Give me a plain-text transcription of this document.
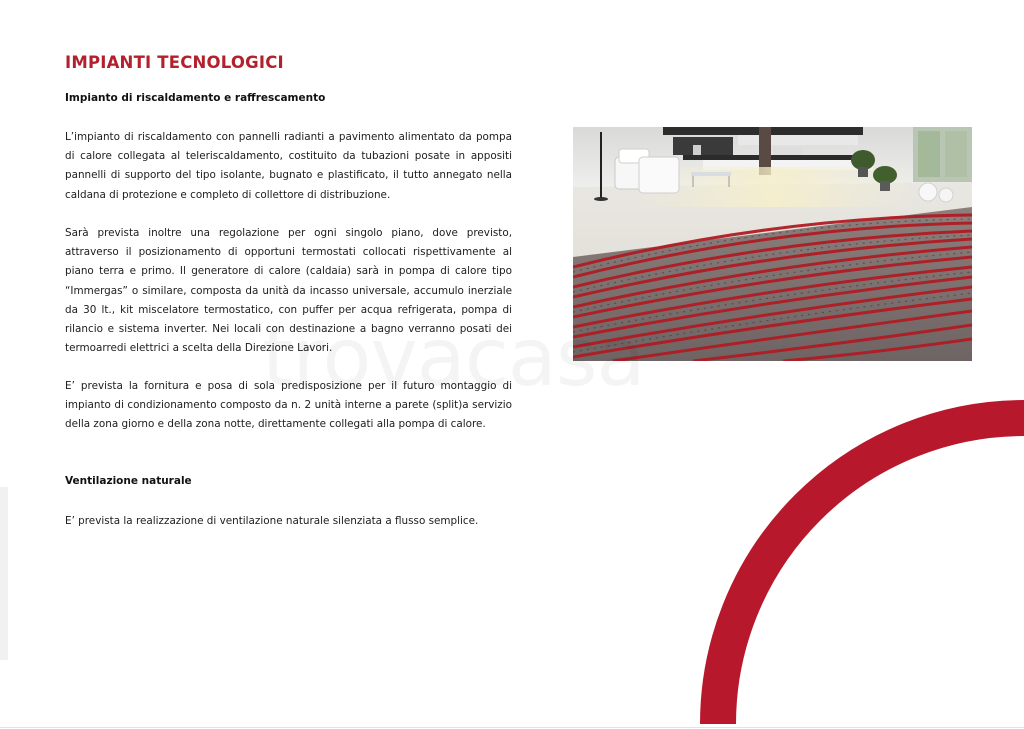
IMPIANTI TECNOLOGICI

Impianto di riscaldamento e raffrescamento

L’impianto di riscaldamento con pannelli radianti a pavimento alimentato da pompa di calore collegata al teleriscaldamento, costituito da tubazioni posate in appositi pannelli di supporto del tipo isolante, bugnato e plastificato, il tutto annegato nella caldana di protezione e completo di collettore di distribuzione.

Sarà prevista inoltre una regolazione per ogni singolo piano, dove previsto, attraverso il posizionamento di opportuni termostati collocati rispettivamente al piano terra e primo. Il generatore di calore (caldaia) sarà in pompa di calore tipo “Immergas” o similare, composta da unità da incasso universale, accumulo inerziale da 30 lt., kit miscelatore termostatico, con puffer per acqua refrigerata, pompa di rilancio e sistema inverter. Nei locali con destinazione a bagno verranno posati dei termoarredi elettrici a scelta della Direzione Lavori.

E’ prevista la fornitura e posa di sola predisposizione per il futuro montaggio di impianto di condizionamento composto da n. 2 unità interne a parete (split)a servizio della zona giorno e della zona notte, direttamente collegati alla pompa di calore.

Ventilazione naturale

E’ prevista la realizzazione di ventilazione naturale silenziata a flusso semplice.
